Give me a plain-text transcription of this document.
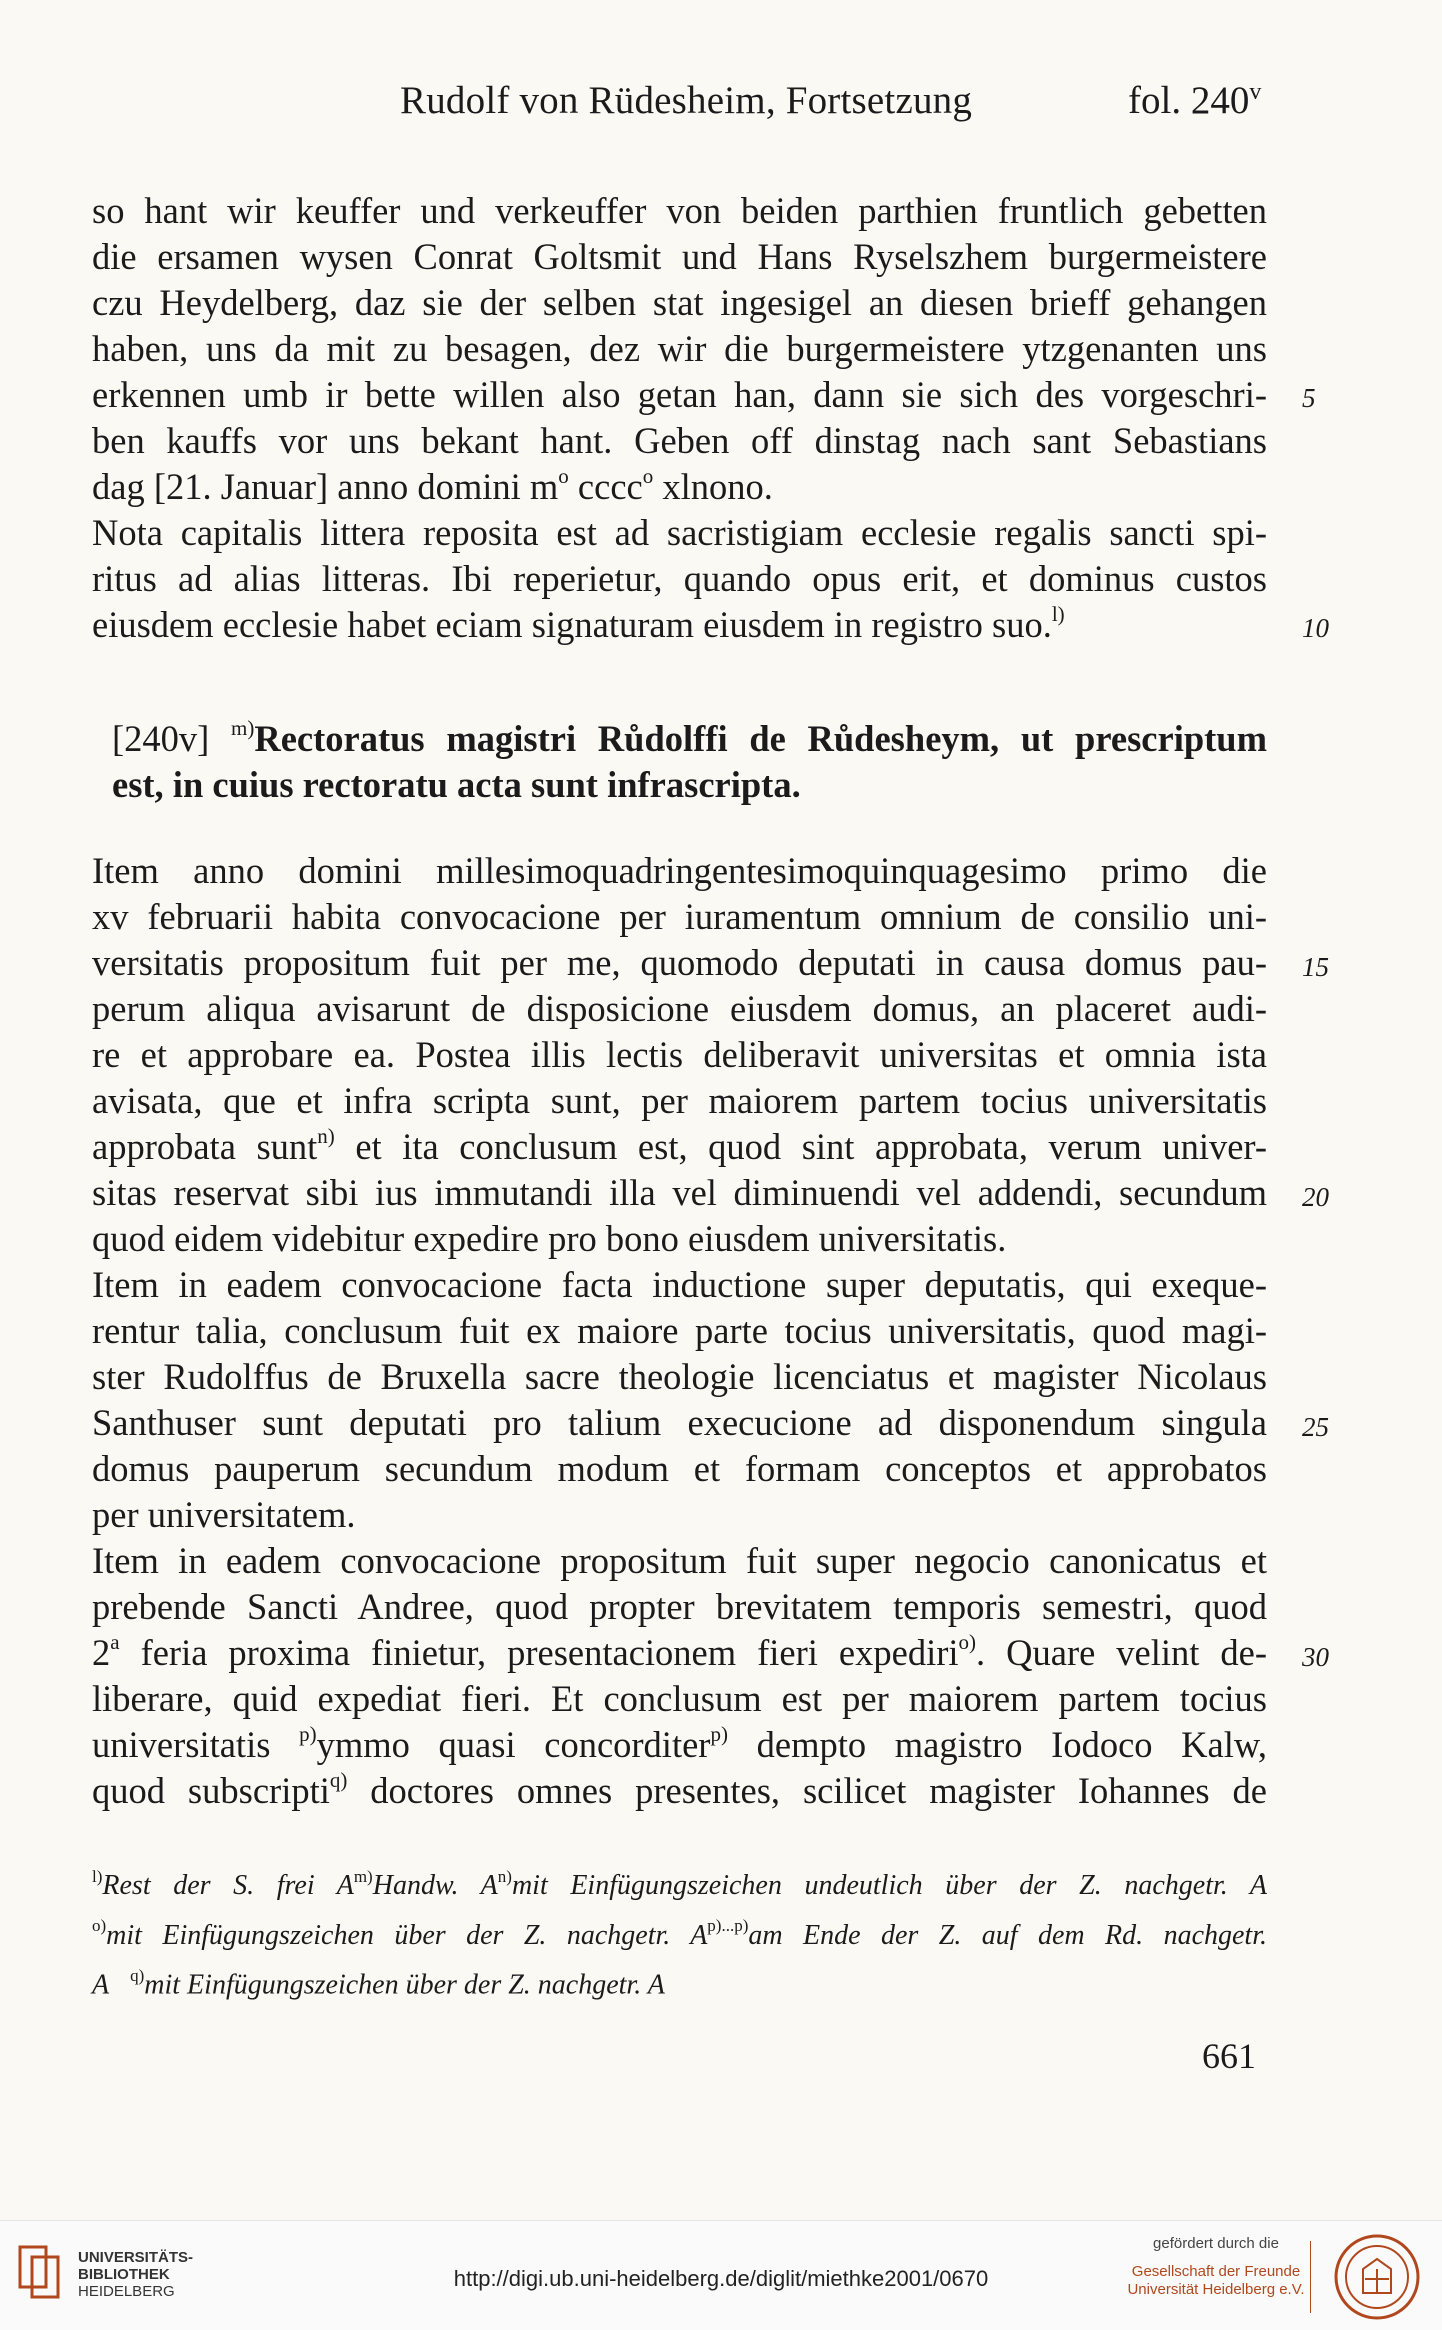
Rudolf von Rüdesheim, Fortsetzung	fol. 240$^v$
so hant wir keuffer und verkeuffer von beiden parthien fruntlich gebetten
die ersamen wysen Conrat Goltsmit und Hans Ryselszhem burgermeistere
czu Heydelberg, daz sie der selben stat ingesigel an diesen brieff gehangen
haben, uns da mit zu besagen, dez wir die burgermeistere ytzgenanten uns
erkennen umb ir bette willen also getan han, dann sie sich des vorgeschri-
ben kauffs vor uns bekant hant. Geben off dinstag nach sant Sebastians
dag [21. Januar] anno domini $m^o$ cccc$^o$ xlnono.
Nota capitalis littera reposita est ad sacristigiam ecclesie regalis sancti spi-
ritus ad alias litteras. Ibi reperietur, quando opus erit, et dominus custos
eiusdem ecclesie habet eciam signaturam eiusdem in registro suo.$^{l)}$
[240v] $^{m)}$Rectoratus magistri Růdolffi de Růdesheym, ut prescriptum
est, in cuius rectoratu acta sunt infrascripta.
Item anno domini millesimoquadringentesimoquinquagesimo primo die
xv februarii habita convocacione per iuramentum omnium de consilio uni-
versitatis propositum fuit per me, quomodo deputati in causa domus pau-
perum aliqua avisarunt de disposicione eiusdem domus, an placeret audi-
re et approbare ea. Postea illis lectis deliberavit universitas et omnia ista
avisata, que et infra scripta sunt, per maiorem partem tocius universitatis
approbata sunt$^{n)}$ et ita conclusum est, quod sint approbata, verum univer-
sitas reservat sibi ius immutandi illa vel diminuendi vel addendi, secundum
quod eidem videbitur expedire pro bono eiusdem universitatis.
Item in eadem convocacione facta inductione super deputatis, qui exeque-
rentur talia, conclusum fuit ex maiore parte tocius universitatis, quod magi-
ster Rudolffus de Bruxella sacre theologie licenciatus et magister Nicolaus
Santhuser sunt deputati pro talium execucione ad disponendum singula
domus pauperum secundum modum et formam conceptos et approbatos
per universitatem.
Item in eadem convocacione propositum fuit super negocio canonicatus et
prebende Sancti Andree, quod propter brevitatem temporis semestri, quod
2$^a$ feria proxima finietur, presentacionem fieri expediri$^{o)}$. Quare velint de-
liberare, quid expediat fieri. Et conclusum est per maiorem partem tocius
universitatis $^{p)}$ymmo quasi concorditer$^{p)}$ dempto magistro Iodoco Kalw,
quod subscripti$^{q)}$ doctores omnes presentes, scilicet magister Iohannes de
5
10
15
20
25
30
$^{l)}$Rest der S. frei $A^{m)}Handw$. $A^{n)}mit$ Einfügungszeichen undeutlich über der Z. nachgetr. A
$^{o)}$mit Einfügungszeichen über der Z. nachgetr. $A^{p)...p)}am$ Ende der Z. auf dem Rd. nachgetr.
A $^{q)}$mit Einfügungszeichen über der Z. nachgetr. A
661
UNIVERSITÄTS-
BIBLIOTHEK
HEIDELBERG
http://digi.ub.uni-heidelberg.de/diglit/miethke2001/0670
gefördert durch die
Gesellschaft der Freunde
Universität Heidelberg e.V.
